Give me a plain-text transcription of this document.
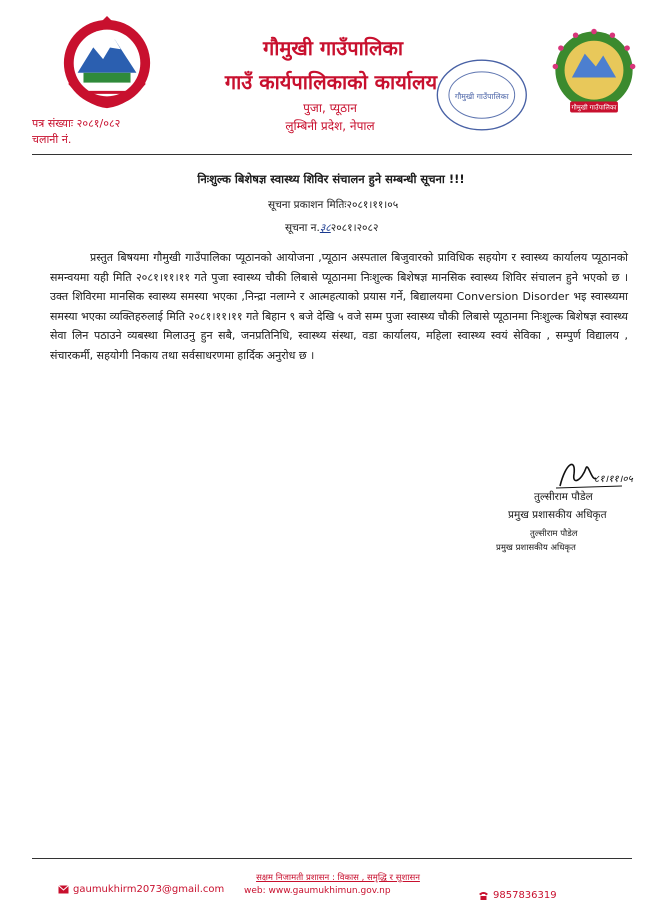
गौमुखी गाउँपालिका
गौमुखी गाउँपालिका
गौमुखी गाउँपालिका
गाउँ कार्यपालिकाको कार्यालय
पुजा, प्यूठान
लुम्बिनी प्रदेश, नेपाल
पत्र संख्याः २०८१/०८२
चलानी नं.
निःशुल्क बिशेषज्ञ स्वास्थ्य शिविर संचालन हुने सम्बन्धी सूचना !!!
सूचना प्रकाशन मितिः२०८१।११।०५
सूचना न.३८२०८१।२०८२

प्रस्तुत बिषयमा गौमुखी गाउँपालिका प्यूठानको आयोजना ,प्यूठान अस्पताल बिजुवारको प्राविधिक सहयोग र स्वास्थ्य कार्यालय प्यूठानको समन्वयमा यही मिति २०८१।११।११ गते पुजा स्वास्थ्य चौकी लिबासे प्यूठानमा निःशुल्क बिशेषज्ञ मानसिक स्वास्थ्य शिविर संचालन हुने भएको छ । उक्त शिविरमा मानसिक स्वास्थ्य समस्या भएका ,निन्द्रा नलाग्ने र आत्महत्याको प्रयास गर्ने, बिद्यालयमा Conversion Disorder भइ स्वास्थ्यमा समस्या भएका व्यक्तिहरुलाई मिति २०८१।११।११ गते बिहान ९ बजे देखि ५ वजे सम्म पुजा स्वास्थ्य चौकी लिबासे प्यूठानमा निःशुल्क बिशेषज्ञ स्वास्थ्य सेवा लिन पठाउने व्यबस्था मिलाउनु हुन सबै, जनप्रतिनिधि, स्वास्थ्य संस्था, वडा कार्यालय, महिला स्वास्थ्य स्वयं सेविका , सम्पुर्ण विद्यालय , संचारकर्मी, सहयोगी निकाय तथा सर्वसाधरणमा हार्दिक अनुरोध छ ।

८१।११।०५
तुल्सीराम पौडेल
प्रमुख प्रशासकीय अधिकृत
तुल्सीराम पौडेल
प्रमुख प्रशासकीय अधिकृत
सक्षम निजामती प्रशासन : विकास , समृद्धि र सुशासन
web: www.gaumukhimun.gov.np
gaumukhirm2073@gmail.com
9857836319
